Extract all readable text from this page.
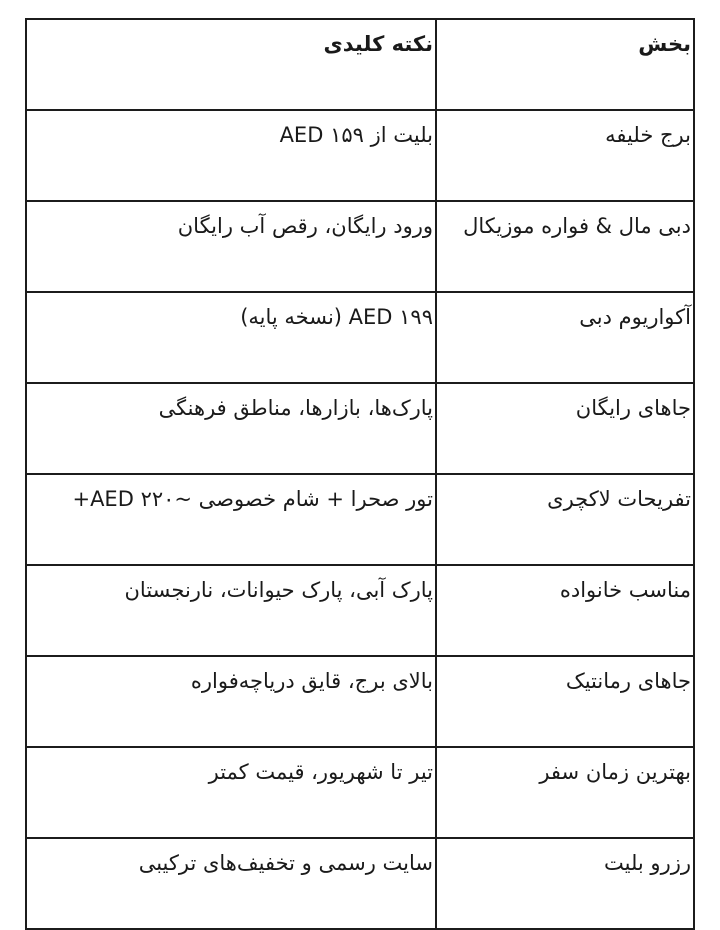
بخش	نکته کلیدی
برج خلیفه	بلیت از ۱۵۹ AED
دبی مال & فواره موزیکال	ورود رایگان، رقص آب رایگان
آکواریوم دبی	AED ۱۹۹ (نسخه پایه)
جاهای رایگان	پارک‌ها، بازارها، مناطق فرهنگی
تفریحات لاکچری	تور صحرا + شام خصوصی ~۲۲۰ AED+
مناسب خانواده	پارک آبی، پارک حیوانات، نارنجستان
جاهای رمانتیک	بالای برج، قایق دریاچه‌فواره
بهترین زمان سفر	تیر تا شهریور، قیمت کمتر
رزرو بلیت	سایت رسمی و تخفیف‌های ترکیبی
